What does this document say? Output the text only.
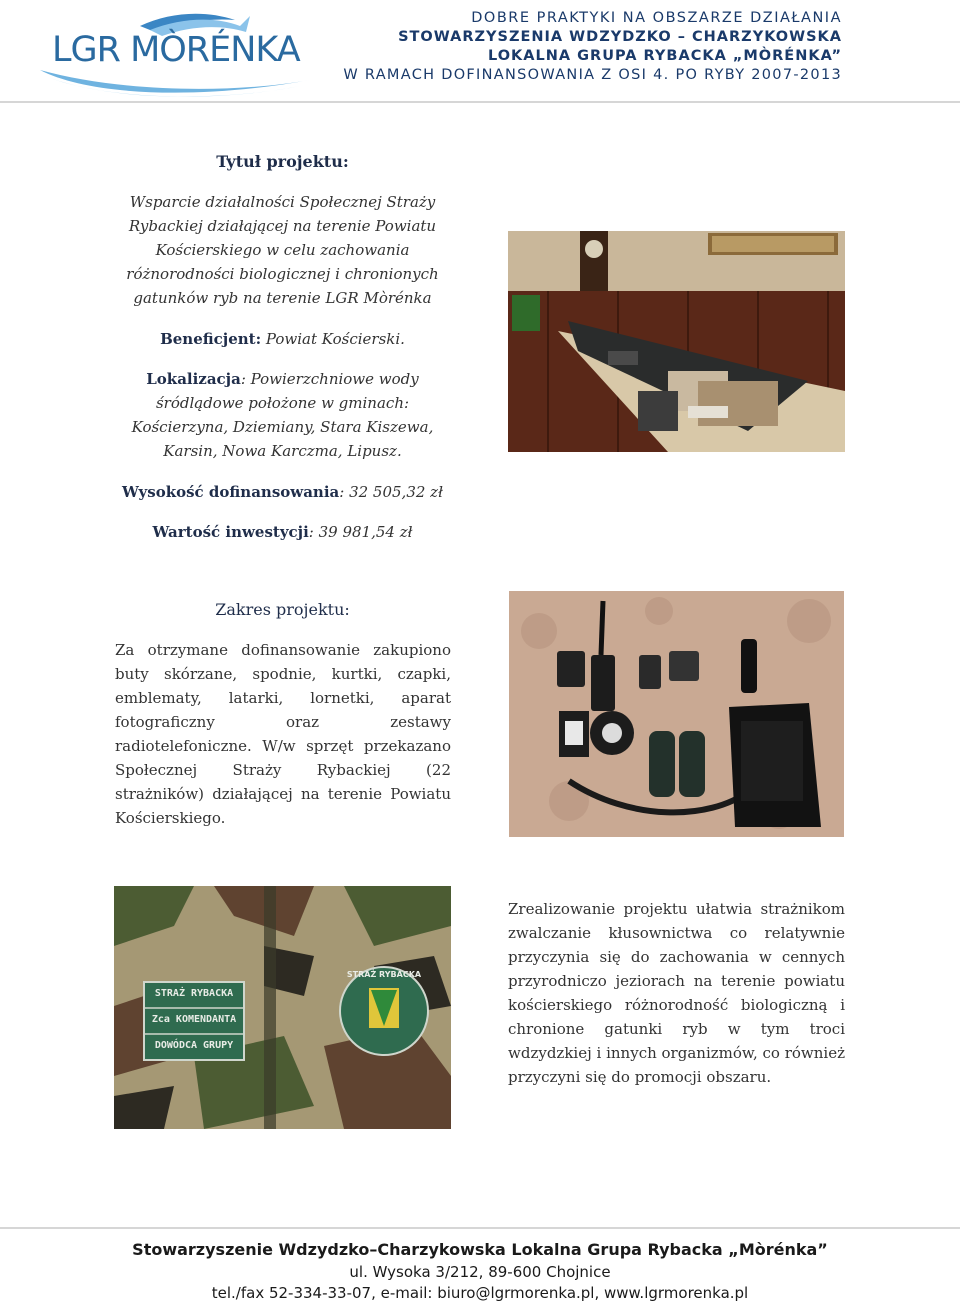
LGR MÒRÉNKA
DOBRE PRAKTYKI NA OBSZARZE DZIAŁANIA
STOWARZYSZENIA WDZYDZKO – CHARZYKOWSKA
LOKALNA GRUPA RYBACKA „MÒRÉNKA”
W RAMACH DOFINANSOWANIA Z OSI 4. PO RYBY 2007-2013
Tytuł projektu:
Wsparcie działalności Społecznej Straży
Rybackiej działającej na terenie Powiatu
Kościerskiego w celu zachowania
różnorodności biologicznej i chronionych
gatunków ryb na terenie LGR Mòrénka
Beneficjent: Powiat Kościerski.
Lokalizacja: Powierzchniowe wody
śródlądowe położone w gminach:
Kościerzyna, Dziemiany, Stara Kiszewa,
Karsin, Nowa Karczma, Lipusz.
Wysokość dofinansowania: 32 505,32 zł
Wartość inwestycji: 39 981,54 zł
Zakres projektu:
Za otrzymane dofinansowanie zakupiono buty skórzane, spodnie, kurtki, czapki, emblematy, latarki, lornetki, aparat fotograficzny oraz zestawy radiotelefoniczne. W/w sprzęt przekazano Społecznej Straży Rybackiej (22 strażników) działającej na terenie Powiatu Kościerskiego.
STRAŻ RYBACKA
Zca KOMENDANTA
DOWÓDCA GRUPY
STRAŻ RYBACKA
Zrealizowanie projektu ułatwia strażnikom zwalczanie kłusownictwa co relatywnie przyczynia się do zachowania w cennych przyrodniczo jeziorach na terenie powiatu kościerskiego różnorodność biologiczną i chronione gatunki ryb w tym troci wdzydzkiej i innych organizmów, co również przyczyni się do promocji obszaru.
Stowarzyszenie Wdzydzko–Charzykowska Lokalna Grupa Rybacka „Mòrénka”
ul. Wysoka 3/212, 89-600 Chojnice
tel./fax 52-334-33-07, e-mail: biuro@lgrmorenka.pl, www.lgrmorenka.pl
